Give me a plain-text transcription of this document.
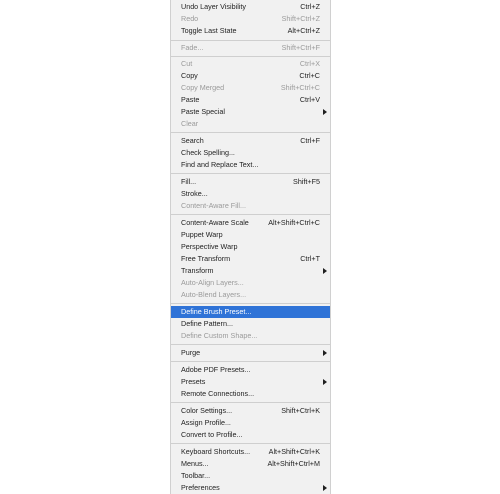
Undo Layer Visibility	Ctrl+Z
Redo	Shift+Ctrl+Z
Toggle Last State	Alt+Ctrl+Z
Fade...	Shift+Ctrl+F
Cut	Ctrl+X
Copy	Ctrl+C
Copy Merged	Shift+Ctrl+C
Paste	Ctrl+V
Paste Special
Clear
Search	Ctrl+F
Check Spelling...
Find and Replace Text...
Fill...	Shift+F5
Stroke...
Content-Aware Fill...
Content-Aware Scale	Alt+Shift+Ctrl+C
Puppet Warp
Perspective Warp
Free Transform	Ctrl+T
Transform
Auto-Align Layers...
Auto-Blend Layers...
Define Brush Preset...
Define Pattern...
Define Custom Shape...
Purge
Adobe PDF Presets...
Presets
Remote Connections...
Color Settings...	Shift+Ctrl+K
Assign Profile...
Convert to Profile...
Keyboard Shortcuts...	Alt+Shift+Ctrl+K
Menus...	Alt+Shift+Ctrl+M
Toolbar...
Preferences
